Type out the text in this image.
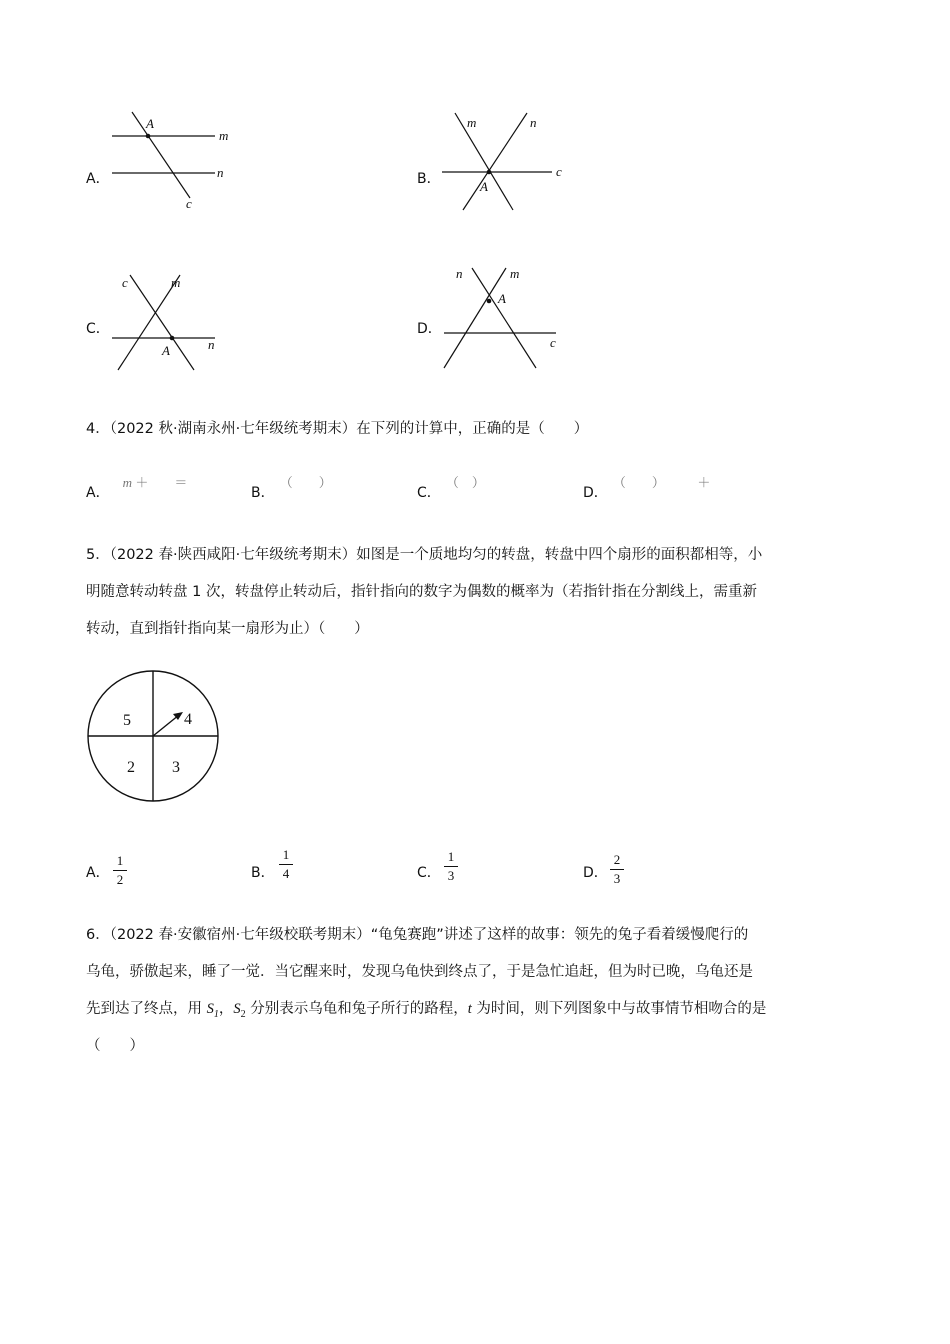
A．
A
m
n
c
B．
m	n
c
A
C．
c	m
A	n
D．
n	m
A
c
4．（2022 秋·湖南永州·七年级统考期末）在下列的计算中，正确的是（　　）
A． $^{m + =}$
B． （　　）
C． （　）
D． （　　）　　　＋
5．（2022 春·陕西咸阳·七年级统考期末）如图是一个质地均匀的转盘，转盘中四个扇形的面积都相等，小
明随意转动转盘 1 次，转盘停止转动后，指针指向的数字为偶数的概率为（若指针指在分割线上，需重新
转动，直到指针指向某一扇形为止）（　　）
5	4
2 3
A．
1
2	B．
1
4	C．
1
3	D．
2
3
6．（2022 春·安徽宿州·七年级校联考期末）“龟兔赛跑”讲述了这样的故事：领先的兔子看着缓慢爬行的
乌龟，骄傲起来，睡了一觉．当它醒来时，发现乌龟快到终点了，于是急忙追赶，但为时已晚，乌龟还是
先到达了终点，用 $S_1$，$S_2$ 分别表示乌龟和兔子所行的路程，t 为时间，则下列图象中与故事情节相吻合的是
（　　）
